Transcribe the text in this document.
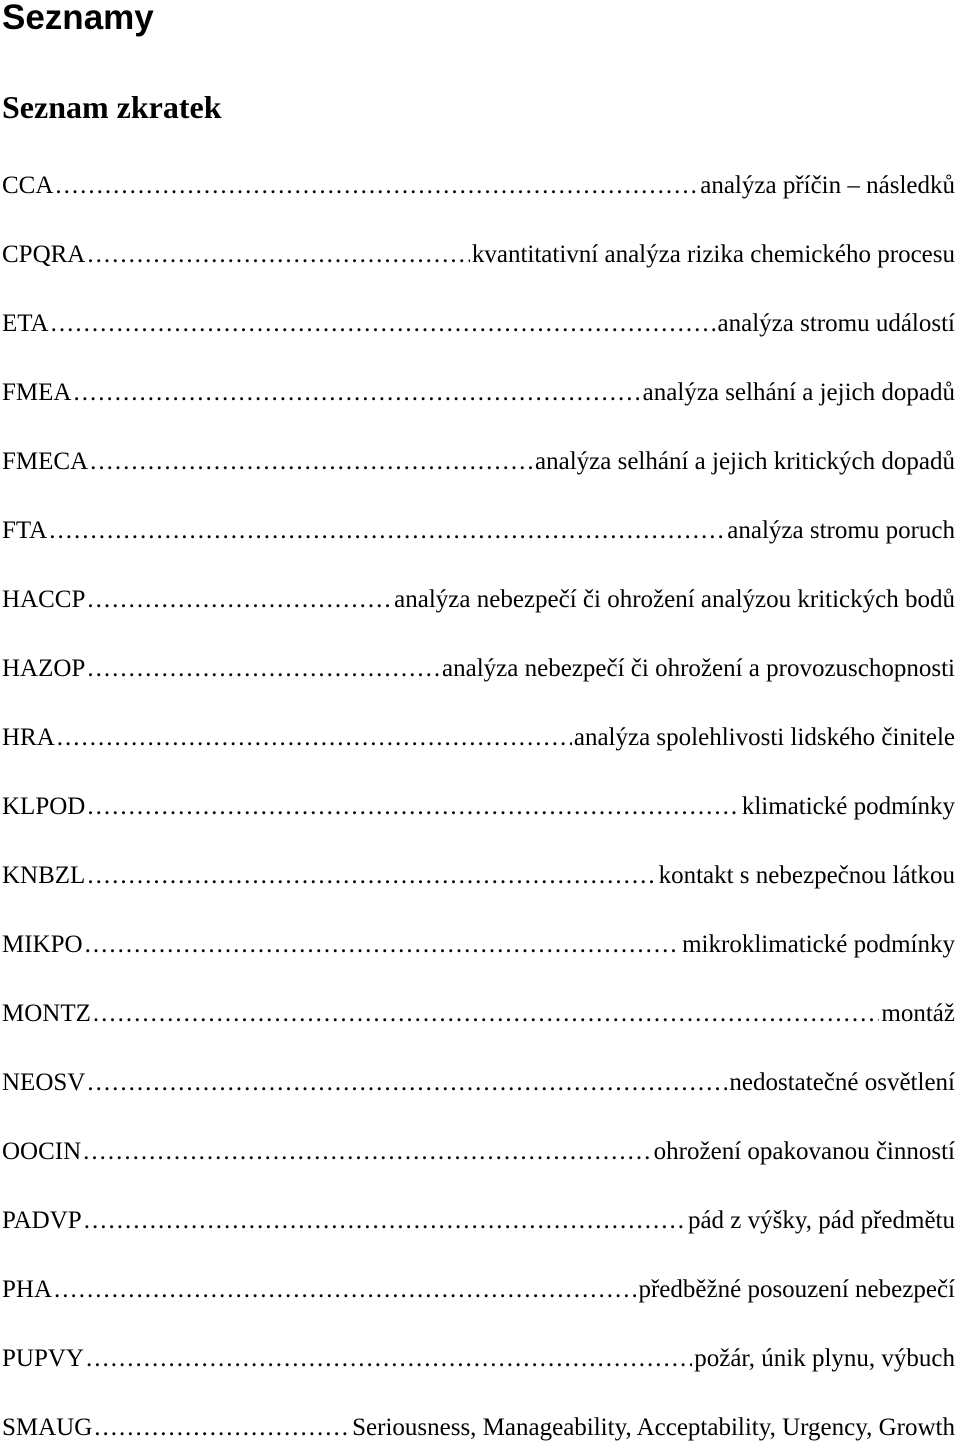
Seznamy
Seznam zkratek
CCA .....	analýza příčin – následků
CPQRA .....	kvantitativní analýza rizika chemického procesu
ETA .....	analýza stromu událostí
FMEA .....	analýza selhání a jejich dopadů
FMECA .....	analýza selhání a jejich kritických dopadů
FTA .....	analýza stromu poruch
HACCP .....	analýza nebezpečí či ohrožení analýzou kritických bodů
HAZOP .....	analýza nebezpečí či ohrožení a provozuschopnosti
HRA .....	analýza spolehlivosti lidského činitele
KLPOD .....	klimatické podmínky
KNBZL .....	kontakt s nebezpečnou látkou
MIKPO .....	mikroklimatické podmínky
MONTZ .....	montáž
NEOSV .....	nedostatečné osvětlení
OOCIN .....	ohrožení opakovanou činností
PADVP .....	pád z výšky, pád předmětu
PHA .....	předběžné posouzení nebezpečí
PUPVY .....	požár, únik plynu, výbuch
SMAUG .....	Seriousness, Manageability, Acceptability, Urgency, Growth
